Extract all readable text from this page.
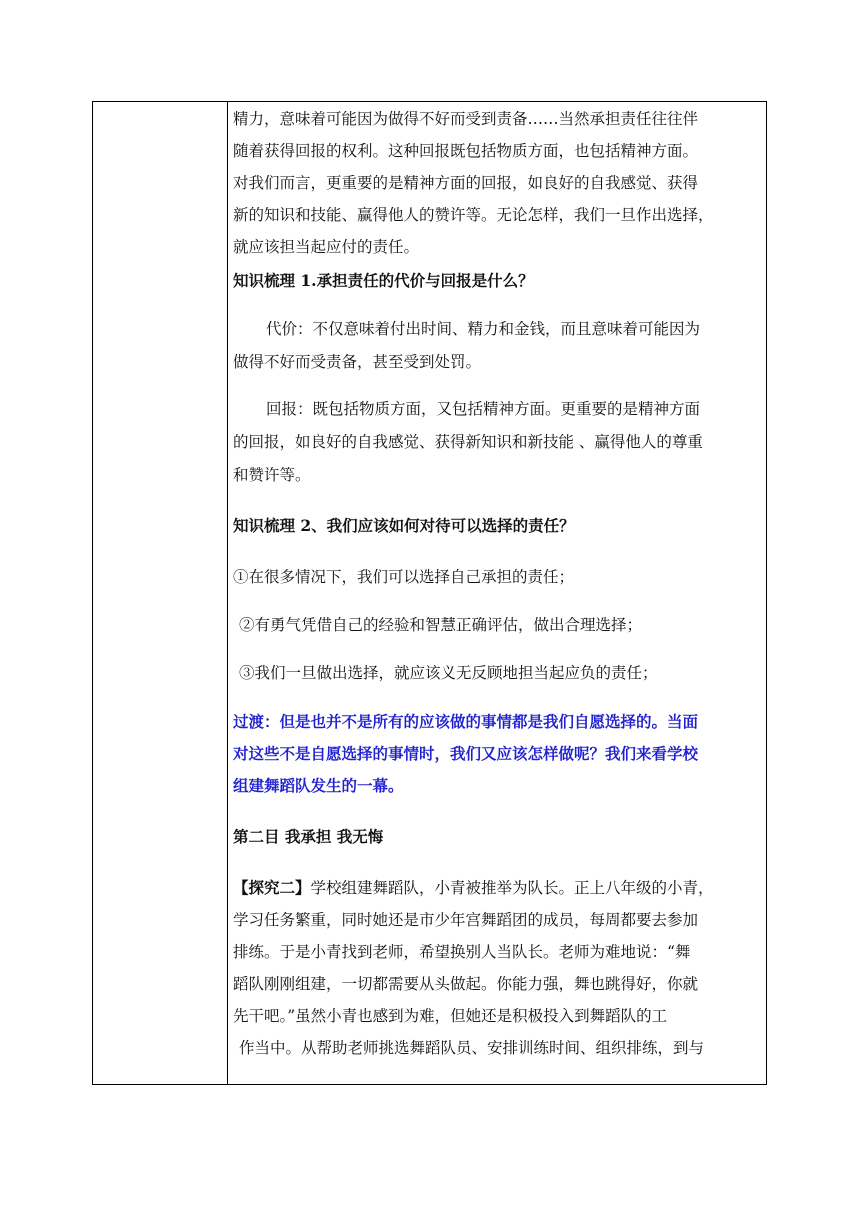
精力，意味着可能因为做得不好而受到责备……当然承担责任往往伴
随着获得回报的权利。这种回报既包括物质方面，也包括精神方面。
对我们而言，更重要的是精神方面的回报，如良好的自我感觉、获得
新的知识和技能、赢得他人的赞许等。无论怎样，我们一旦作出选择，
就应该担当起应付的责任。
知识梳理 1.承担责任的代价与回报是什么？
代价：不仅意味着付出时间、精力和金钱，而且意味着可能因为
做得不好而受责备，甚至受到处罚。
回报：既包括物质方面，又包括精神方面。更重要的是精神方面
的回报，如良好的自我感觉、获得新知识和新技能 、赢得他人的尊重
和赞许等。
知识梳理 2、我们应该如何对待可以选择的责任？
①在很多情况下，我们可以选择自己承担的责任；
②有勇气凭借自己的经验和智慧正确评估，做出合理选择；
③我们一旦做出选择，就应该义无反顾地担当起应负的责任；
过渡：但是也并不是所有的应该做的事情都是我们自愿选择的。当面
对这些不是自愿选择的事情时，我们又应该怎样做呢？我们来看学校
组建舞蹈队发生的一幕。
第二目 我承担 我无悔
【探究二】学校组建舞蹈队，小青被推举为队长。正上八年级的小青，
学习任务繁重，同时她还是市少年宫舞蹈团的成员，每周都要去参加
排练。于是小青找到老师，希望换别人当队长。老师为难地说：“舞
蹈队刚刚组建，一切都需要从头做起。你能力强，舞也跳得好，你就
先干吧。”虽然小青也感到为难，但她还是积极投入到舞蹈队的工
作当中。从帮助老师挑选舞蹈队员、安排训练时间、组织排练，到与
